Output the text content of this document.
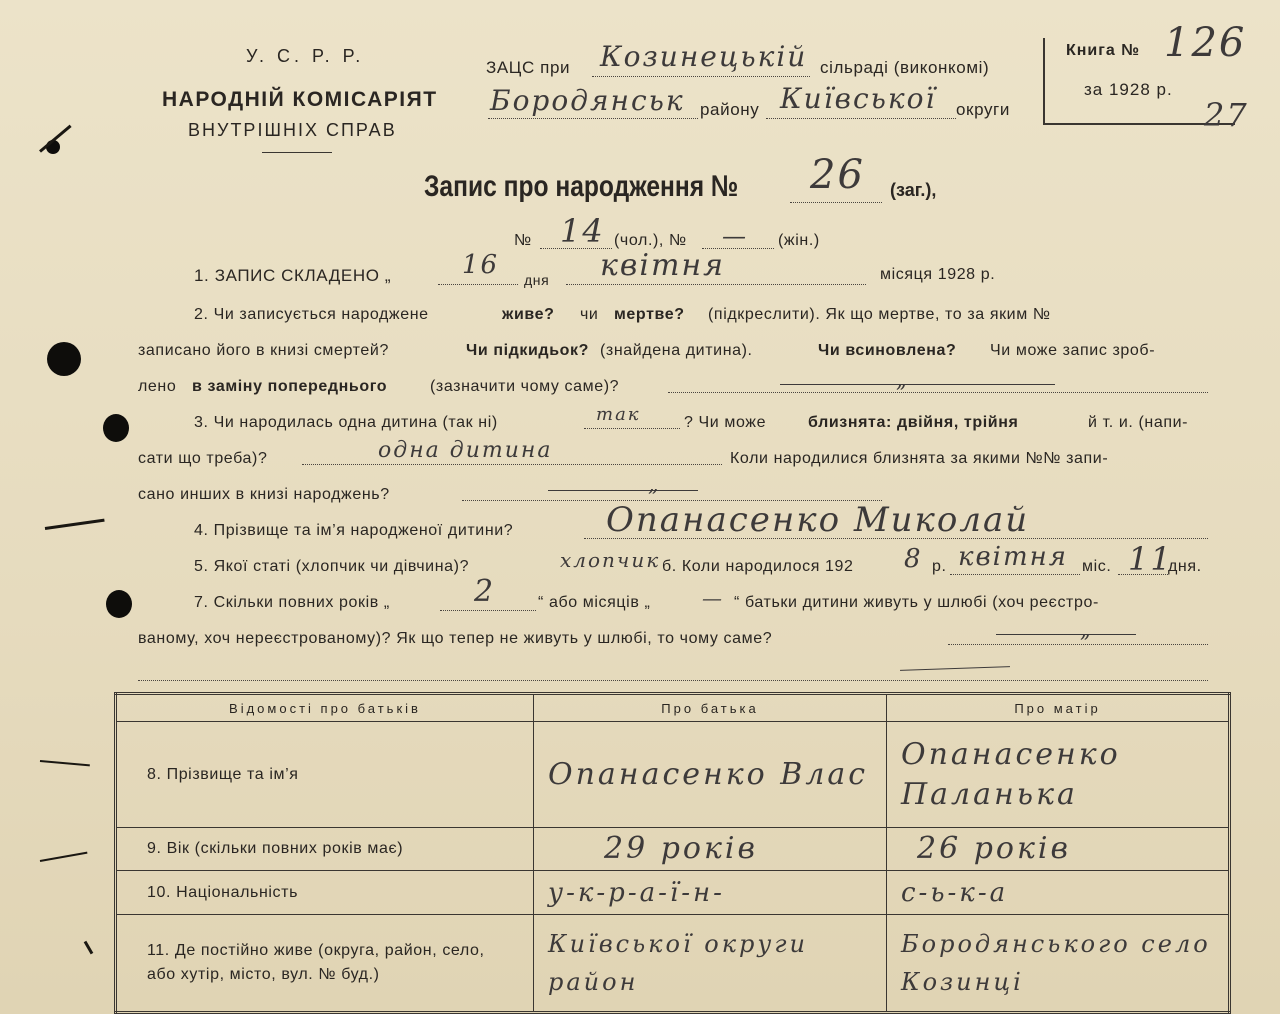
У. С. Р. Р.
НАРОДНІЙ КОМІСАРІЯТ
ВНУТРІШНІХ СПРАВ
ЗАЦС при Козинецькій сільраді (виконкомі)
Бородянськ району Київської округи
Книга № 126
за 1928 р.
27
Запис про народження № 26 (заг.),
№ 14 (чол.), № — (жін.)
1. ЗАПИС СКЛАДЕНО „	16 дня квітня	місяця 1928 р.
2. Чи записується народжене	живе? чи мертве? (підкреслити). Як що мертве, то за яким №
записано його в книзі смертей?	Чи підкидьок? (знайдена дитина).	Чи всиновлена? Чи може запис зроб-
лено в заміну попереднього	(зазначити чому саме)?	„
3. Чи народилась одна дитина (так ні)	так	? Чи може	близнята: двійня, трійня	й т. и. (напи-
сати що треба)?	одна дитина	Коли народилися близнята за якими №№ запи-
сано инших в книзі народжень?	„
4. Прізвище та ім’я народженої дитини?	Опанасенко Миколай
5. Якої статі (хлопчик чи дівчина)?	хлопчик б. Коли народилося 192 8 р. квітня міс. 11
дня.
7. Скільки повних років „	2	“ або місяців „	— “ батьки дитини живуть у шлюбі (хоч реєстро-
ваному, хоч нереєстрованому)? Як що тепер не живуть у шлюбі, то чому саме?	„
Відомості про батьків	Про батька	Про матір
8. Прізвище та ім’я	Опанасенко Влас	Опанасенко Паланька
9. Вік (скільки повних років має)	29 років	26 років
10. Національність	у-к-р-а-ї-н-	с-ь-к-а
11. Де постійно живе (округа, район, село, або хутір, місто, вул. № буд.)	Київської округи район	Бородянського село Козинці
